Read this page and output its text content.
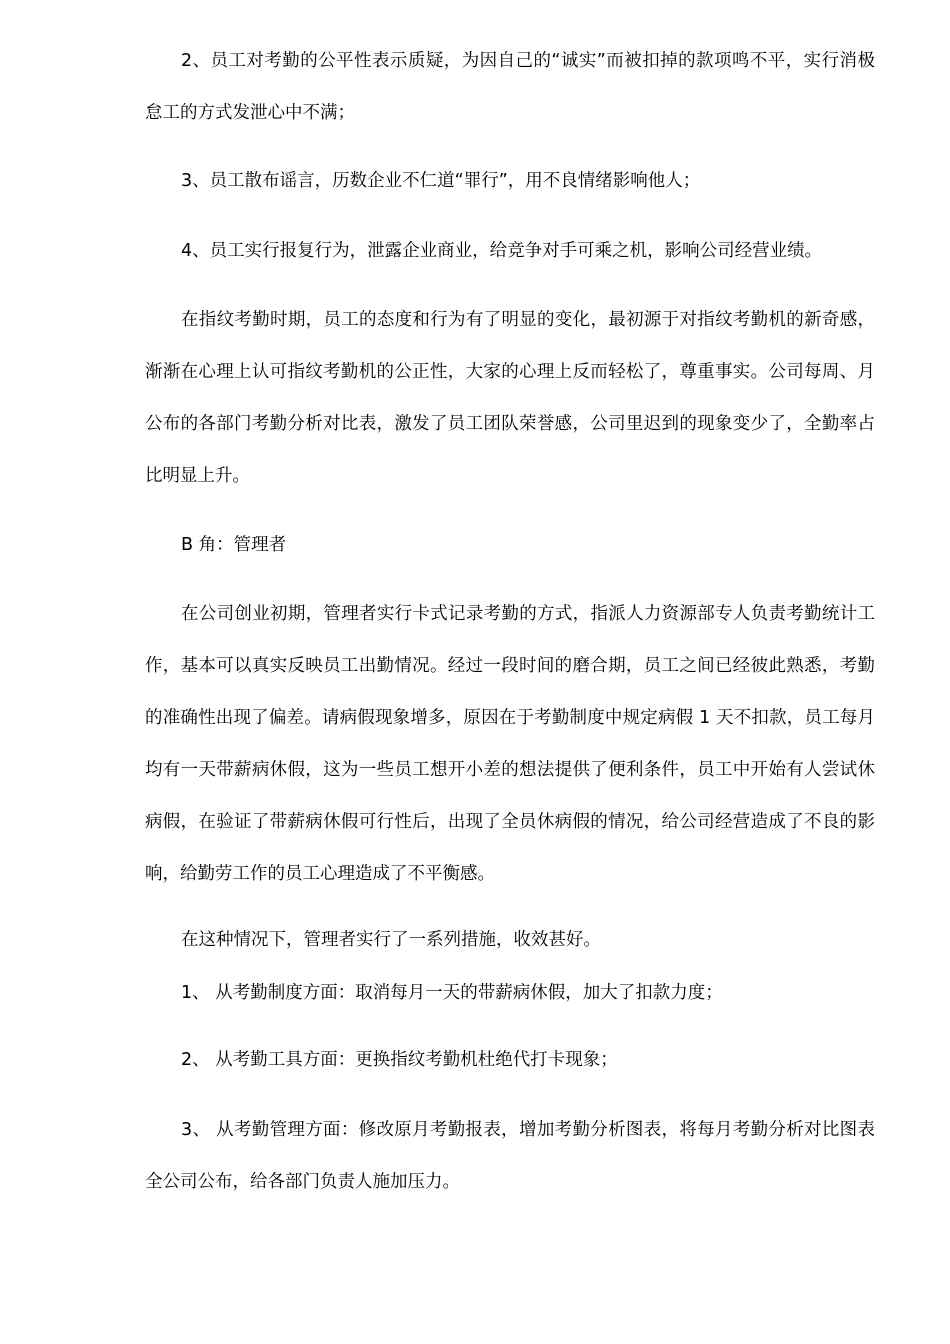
2、员工对考勤的公平性表示质疑，为因自己的“诚实”而被扣掉的款项鸣不平，实行消极怠工的方式发泄心中不满；

3、员工散布谣言，历数企业不仁道“罪行”，用不良情绪影响他人；

4、员工实行报复行为，泄露企业商业，给竞争对手可乘之机，影响公司经营业绩。

在指纹考勤时期，员工的态度和行为有了明显的变化，最初源于对指纹考勤机的新奇感，渐渐在心理上认可指纹考勤机的公正性，大家的心理上反而轻松了，尊重事实。公司每周、月公布的各部门考勤分析对比表，激发了员工团队荣誉感，公司里迟到的现象变少了，全勤率占比明显上升。

B 角：管理者

在公司创业初期，管理者实行卡式记录考勤的方式，指派人力资源部专人负责考勤统计工作，基本可以真实反映员工出勤情况。经过一段时间的磨合期，员工之间已经彼此熟悉，考勤的准确性出现了偏差。请病假现象增多，原因在于考勤制度中规定病假 1 天不扣款，员工每月均有一天带薪病休假，这为一些员工想开小差的想法提供了便利条件，员工中开始有人尝试休病假，在验证了带薪病休假可行性后，出现了全员休病假的情况，给公司经营造成了不良的影响，给勤劳工作的员工心理造成了不平衡感。

在这种情况下，管理者实行了一系列措施，收效甚好。

1、 从考勤制度方面：取消每月一天的带薪病休假，加大了扣款力度；

2、 从考勤工具方面：更换指纹考勤机杜绝代打卡现象；

3、 从考勤管理方面：修改原月考勤报表，增加考勤分析图表，将每月考勤分析对比图表全公司公布，给各部门负责人施加压力。
